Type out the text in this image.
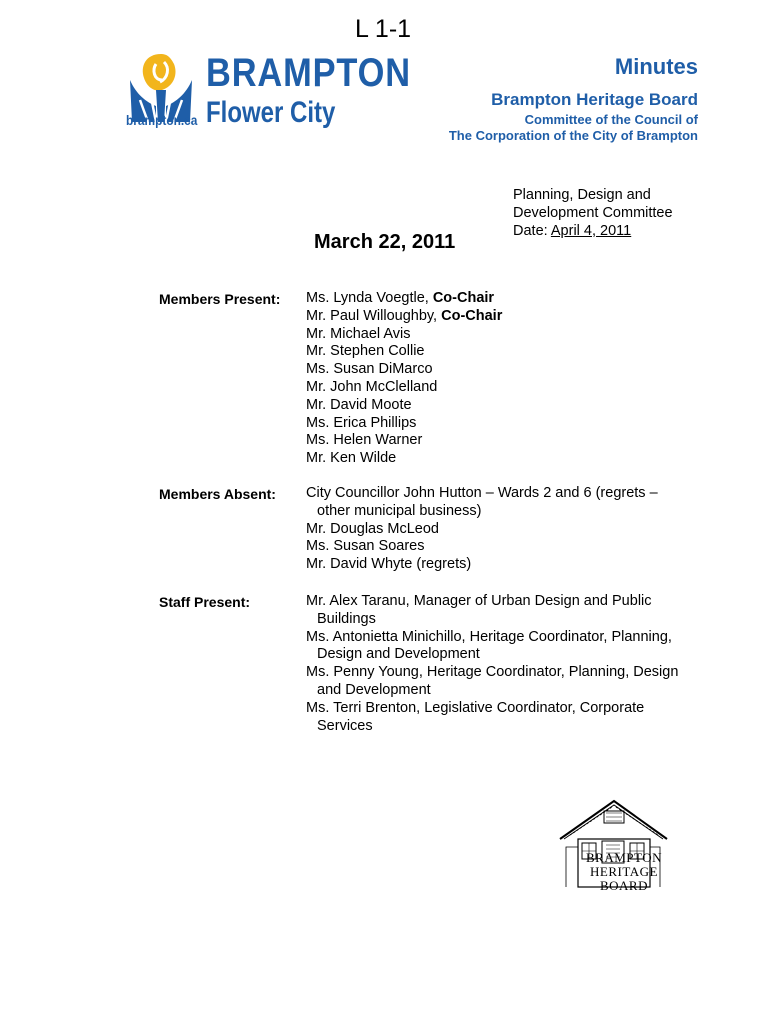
L 1-1
BRAMPTON
Flower City
brampton.ca
Minutes
Brampton Heritage Board
Committee of the Council of
The Corporation of the City of Brampton
Planning, Design and
Development Committee
Date: April 4, 2011
March 22, 2011
Members Present: Ms. Lynda Voegtle, Co-Chair
Mr. Paul Willoughby, Co-Chair
Mr. Michael Avis
Mr. Stephen Collie
Ms. Susan DiMarco
Mr. John McClelland
Mr. David Moote
Ms. Erica Phillips
Ms. Helen Warner
Mr. Ken Wilde
Members Absent: City Councillor John Hutton – Wards 2 and 6 (regrets – other municipal business)
Mr. Douglas McLeod
Ms. Susan Soares
Mr. David Whyte (regrets)
Staff Present:	Mr. Alex Taranu, Manager of Urban Design and Public Buildings
Ms. Antonietta Minichillo, Heritage Coordinator, Planning, Design and Development
Ms. Penny Young, Heritage Coordinator, Planning, Design and Development
Ms. Terri Brenton, Legislative Coordinator, Corporate Services
BRAMPTON
HERITAGE
BOARD
